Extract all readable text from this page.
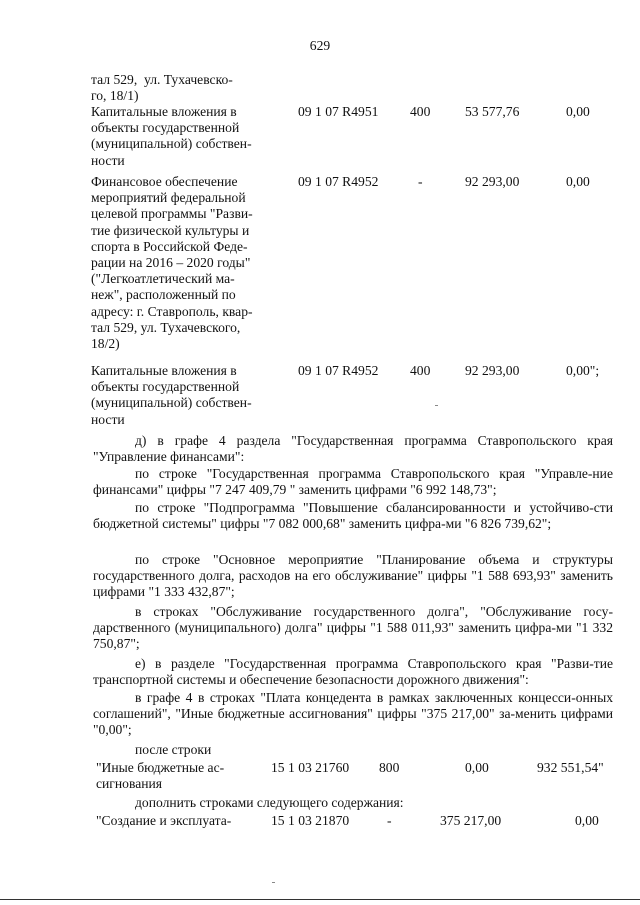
629
тал 529,  ул. Тухачевско-
го, 18/1)
Капитальные вложения в
объекты государственной
(муниципальной) собствен-
ности
09 1 07 R4951 400	53 577,76	0,00
Финансовое обеспечение
мероприятий федеральной
целевой программы "Разви-
тие физической культуры и
спорта в Российской Феде-
рации на 2016 – 2020 годы"
("Легкоатлетический ма-
неж", расположенный по
адресу: г. Ставрополь, квар-
тал 529, ул. Тухачевского,
18/2)
09 1 07 R4952	-	92 293,00	0,00
Капитальные вложения в
объекты государственной
(муниципальной) собствен-
ности
09 1 07 R4952 400	92 293,00	0,00";
д) в графе 4 раздела "Государственная программа Ставропольского края "Управление финансами":
по строке "Государственная программа Ставропольского края "Управле-ние финансами" цифры "7 247 409,79 " заменить цифрами "6 992 148,73";
по строке "Подпрограмма "Повышение сбалансированности и устойчиво-сти бюджетной системы" цифры "7 082 000,68" заменить цифра-ми "6 826 739,62";
по строке "Основное мероприятие "Планирование объема и структуры государственного долга, расходов на его обслуживание" цифры "1 588 693,93" заменить цифрами "1 333 432,87";
в строках "Обслуживание государственного долга", "Обслуживание госу-дарственного (муниципального) долга" цифры "1 588 011,93" заменить цифра-ми "1 332 750,87";
е) в разделе "Государственная программа Ставропольского края "Разви-тие транспортной системы и обеспечение безопасности дорожного движения":
в графе 4 в строках "Плата концедента в рамках заключенных концесси-онных соглашений", "Иные бюджетные ассигнования" цифры "375 217,00" за-менить цифрами "0,00";
после строки
"Иные бюджетные ас-
сигнования
15 1 03 21760 800	0,00	932 551,54"
дополнить строками следующего содержания:
"Создание и эксплуата-	15 1 03 21870	-	375 217,00	0,00
